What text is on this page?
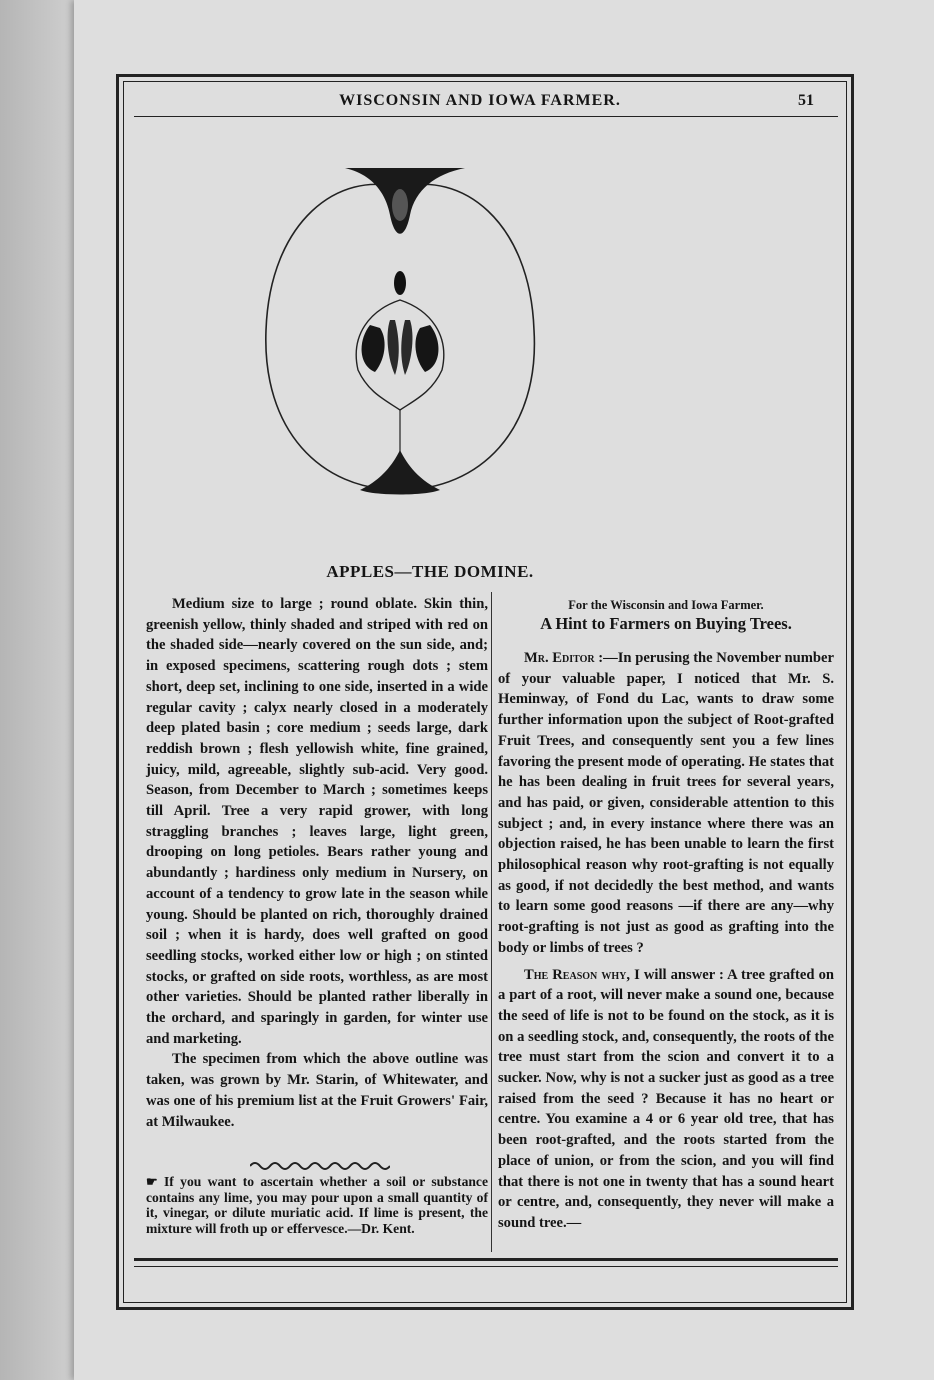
WISCONSIN AND IOWA FARMER.	51
APPLES—THE DOMINE.

Medium size to large ; round oblate. Skin thin, greenish yellow, thinly shaded and striped with red on the shaded side—nearly covered on the sun side, and; in exposed specimens, scattering rough dots ; stem short, deep set, inclining to one side, inserted in a wide regular cavity ; calyx nearly closed in a moderately deep plated basin ; core medium ; seeds large, dark reddish brown ; flesh yellowish white, fine grained, juicy, mild, agreeable, slightly sub-acid. Very good. Season, from December to March ; sometimes keeps till April. Tree a very rapid grower, with long straggling branches ; leaves large, light green, drooping on long petioles. Bears rather young and abundantly ; hardiness only medium in Nursery, on account of a tendency to grow late in the season while young. Should be planted on rich, thoroughly drained soil ; when it is hardy, does well grafted on good seedling stocks, worked either low or high ; on stinted stocks, or grafted on side roots, worthless, as are most other varieties. Should be planted rather liberally in the orchard, and sparingly in garden, for winter use and marketing.

The specimen from which the above outline was taken, was grown by Mr. Starin, of Whitewater, and was one of his premium list at the Fruit Growers' Fair, at Milwaukee.

☛ If you want to ascertain whether a soil or substance contains any lime, you may pour upon a small quantity of it, vinegar, or dilute muriatic acid. If lime is present, the mixture will froth up or effervesce.—Dr. Kent.
For the Wisconsin and Iowa Farmer.
A Hint to Farmers on Buying Trees.

Mr. Editor :—In perusing the November number of your valuable paper, I noticed that Mr. S. Heminway, of Fond du Lac, wants to draw some further information upon the subject of Root-grafted Fruit Trees, and consequently sent you a few lines favoring the present mode of operating. He states that he has been dealing in fruit trees for several years, and has paid, or given, considerable attention to this subject ; and, in every instance where there was an objection raised, he has been unable to learn the first philosophical reason why root-grafting is not equally as good, if not decidedly the best method, and wants to learn some good reasons —if there are any—why root-grafting is not just as good as grafting into the body or limbs of trees ?

The Reason why, I will answer : A tree grafted on a part of a root, will never make a sound one, because the seed of life is not to be found on the stock, as it is on a seedling stock, and, consequently, the roots of the tree must start from the scion and convert it to a sucker. Now, why is not a sucker just as good as a tree raised from the seed ? Because it has no heart or centre. You examine a 4 or 6 year old tree, that has been root-grafted, and the roots started from the place of union, or from the scion, and you will find that there is not one in twenty that has a sound heart or centre, and, consequently, they never will make a sound tree.—
